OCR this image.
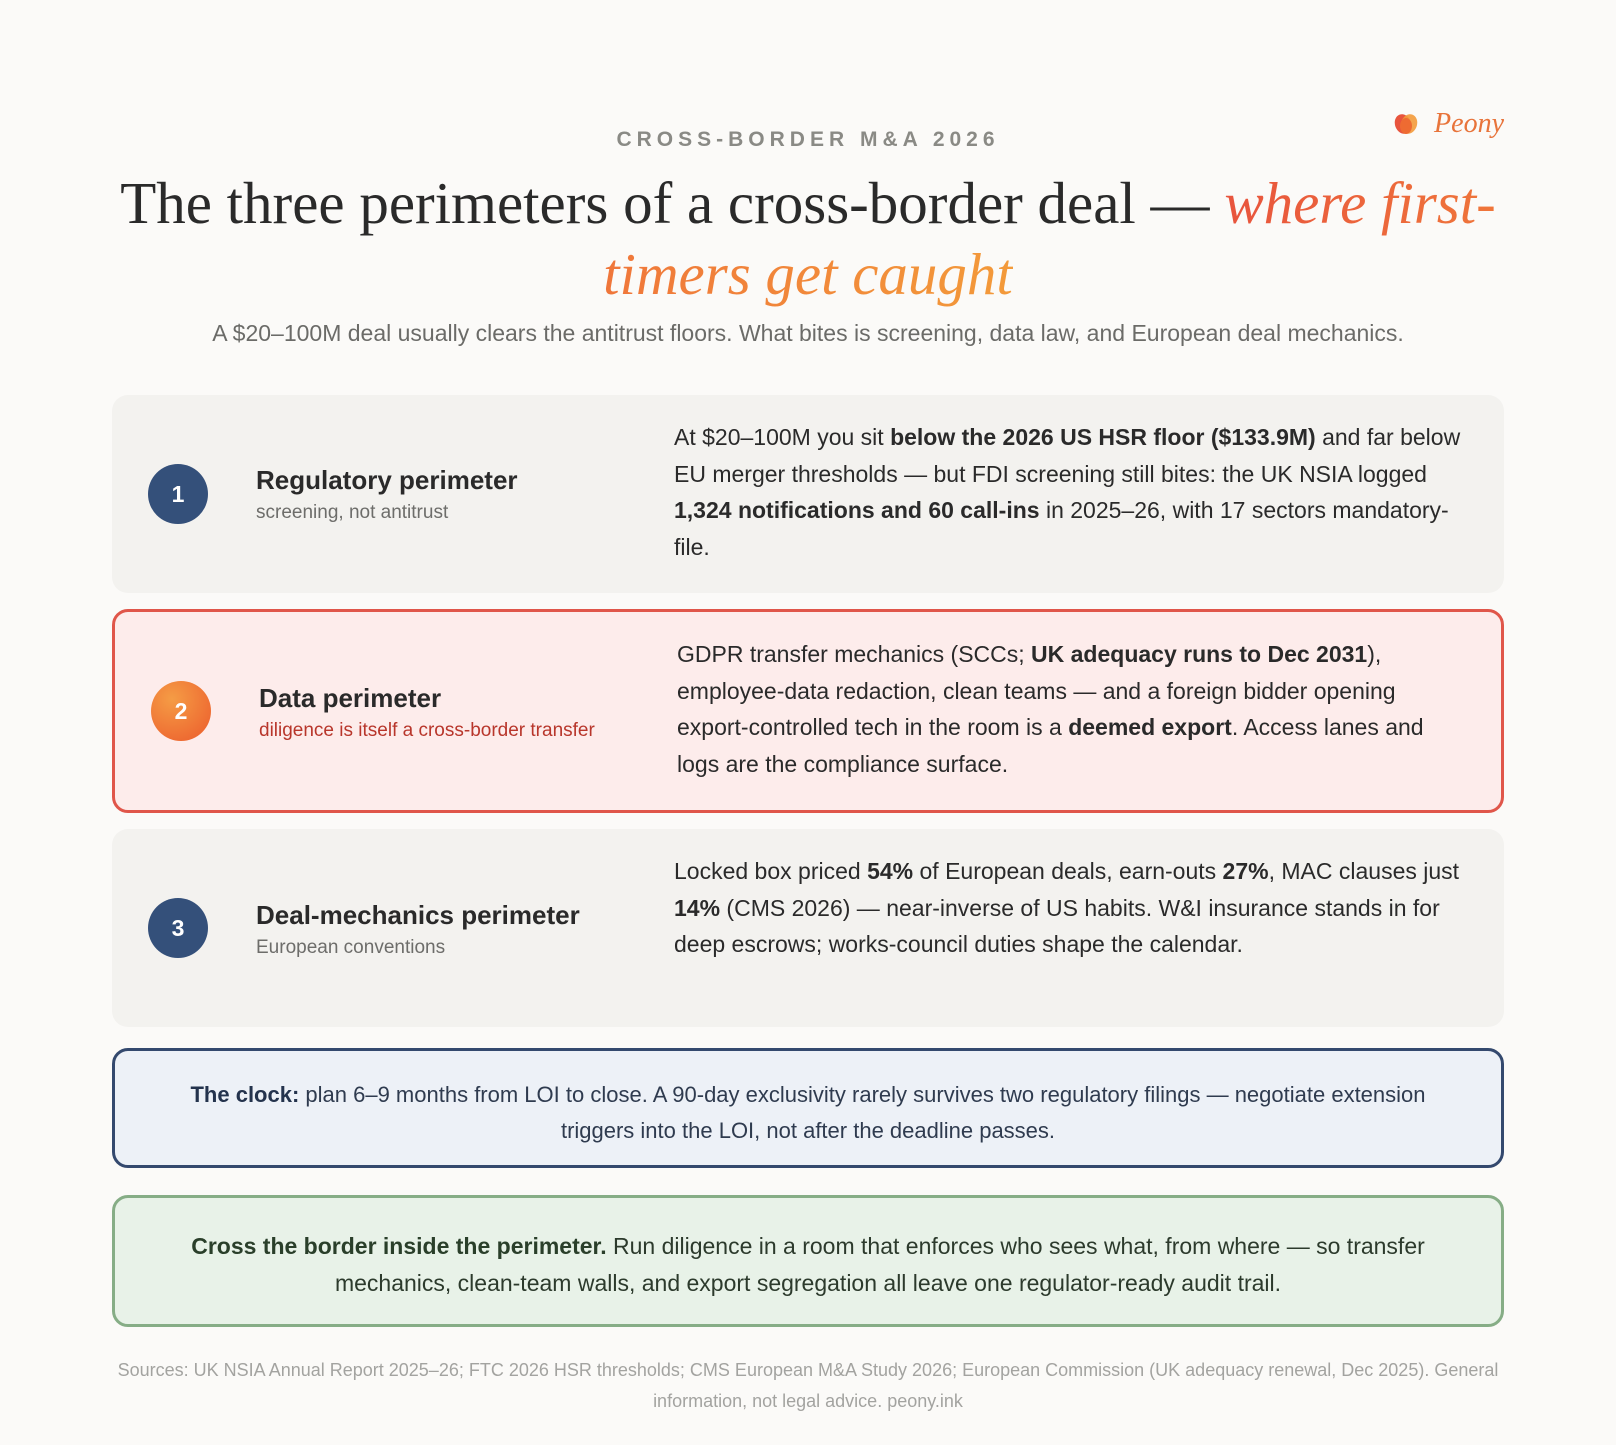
Peony
CROSS-BORDER M&A 2026
The three perimeters of a cross-border deal — where first-timers get caught
A $20–100M deal usually clears the antitrust floors. What bites is screening, data law, and European deal mechanics.
1	Regulatory perimeter
screening, not antitrust
At $20–100M you sit below the 2026 US HSR floor ($133.9M) and far below EU merger thresholds — but FDI screening still bites: the UK NSIA logged 1,324 notifications and 60 call-ins in 2025–26, with 17 sectors mandatory-file.
2	Data perimeter
diligence is itself a cross-border transfer
GDPR transfer mechanics (SCCs; UK adequacy runs to Dec 2031), employee-data redaction, clean teams — and a foreign bidder opening export-controlled tech in the room is a deemed export. Access lanes and logs are the compliance surface.
3	Deal-mechanics perimeter
European conventions
Locked box priced 54% of European deals, earn-outs 27%, MAC clauses just 14% (CMS 2026) — near-inverse of US habits. W&I insurance stands in for deep escrows; works-council duties shape the calendar.
The clock: plan 6–9 months from LOI to close. A 90-day exclusivity rarely survives two regulatory filings — negotiate extension triggers into the LOI, not after the deadline passes.
Cross the border inside the perimeter. Run diligence in a room that enforces who sees what, from where — so transfer mechanics, clean-team walls, and export segregation all leave one regulator-ready audit trail.
Sources: UK NSIA Annual Report 2025–26; FTC 2026 HSR thresholds; CMS European M&A Study 2026; European Commission (UK adequacy renewal, Dec 2025). General information, not legal advice. peony.ink
